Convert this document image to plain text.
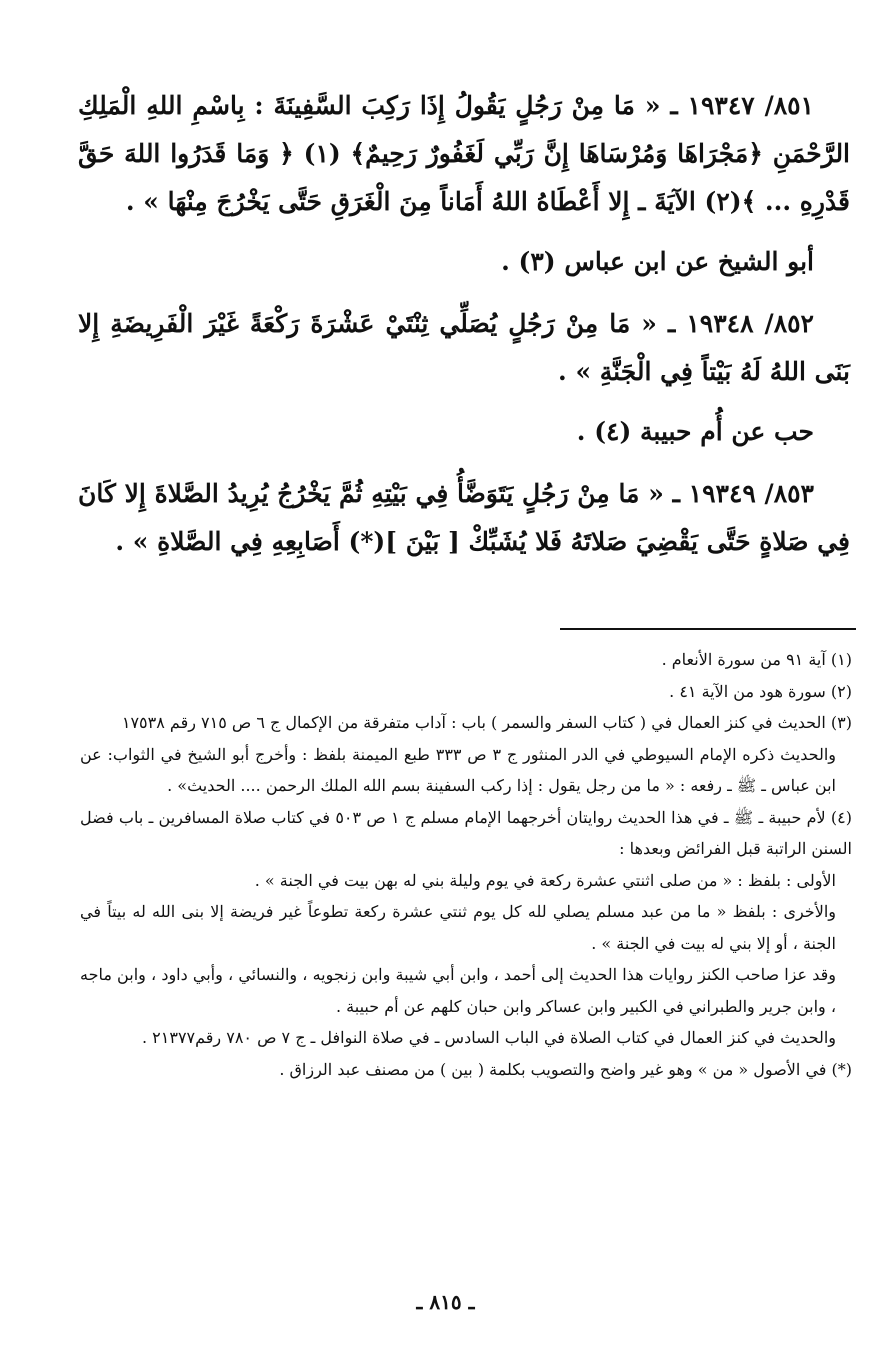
٨٥١/ ١٩٣٤٧ ـ « مَا مِنْ رَجُلٍ يَقُولُ إِذَا رَكِبَ السَّفِينَةَ : بِاسْمِ اللهِ الْمَلِكِ الرَّحْمَنِ ﴿مَجْرَاهَا وَمُرْسَاهَا إِنَّ رَبِّي لَغَفُورٌ رَحِيمٌ﴾ (١) ﴿ وَمَا قَدَرُوا اللهَ حَقَّ قَدْرِهِ ... ﴾(٢) الآيَةَ ـ إِلا أَعْطَاهُ اللهُ أَمَاناً مِنَ الْغَرَقِ حَتَّى يَخْرُجَ مِنْهَا » .

أبو الشيخ عن ابن عباس (٣) .

٨٥٢/ ١٩٣٤٨ ـ « مَا مِنْ رَجُلٍ يُصَلِّي ثِنْتَيْ عَشْرَةَ رَكْعَةً غَيْرَ الْفَرِيضَةِ إِلا بَنَى اللهُ لَهُ بَيْتاً فِي الْجَنَّةِ » .

حب عن أُم حبيبة (٤) .

٨٥٣/ ١٩٣٤٩ ـ « مَا مِنْ رَجُلٍ يَتَوَضَّأُ فِي بَيْتِهِ ثُمَّ يَخْرُجُ يُرِيدُ الصَّلاةَ إِلا كَانَ فِي صَلاةٍ حَتَّى يَقْضِيَ صَلاتَهُ فَلا يُشَبِّكْ [ بَيْنَ ](*) أَصَابِعِهِ فِي الصَّلاةِ » .

(١) آية ٩١ من سورة الأنعام .

(٢) سورة هود من الآية ٤١ .

(٣) الحديث في كنز العمال في ( كتاب السفر والسمر ) باب : آداب متفرقة من الإكمال ج ٦ ص ٧١٥ رقم ١٧٥٣٨

والحديث ذكره الإمام السيوطي في الدر المنثور ج ٣ ص ٣٣٣ طبع الميمنة بلفظ : وأخرج أبو الشيخ في الثواب: عن ابن عباس ـ ﷺ ـ رفعه : « ما من رجل يقول : إذا ركب السفينة بسم الله الملك الرحمن .... الحديث» .

(٤) لأم حبيبة ـ ﷺ ـ في هذا الحديث روايتان أخرجهما الإمام مسلم ج ١ ص ٥٠٣ في كتاب صلاة المسافرين ـ باب فضل السنن الراتبة قبل الفرائض وبعدها :

الأولى : بلفظ : « من صلى اثنتي عشرة ركعة في يوم وليلة بني له بهن بيت في الجنة » .

والأخرى : بلفظ « ما من عبد مسلم يصلي لله كل يوم ثنتي عشرة ركعة تطوعاً غير فريضة إلا بنى الله له بيتاً في الجنة ، أو إلا بني له بيت في الجنة » .

وقد عزا صاحب الكنز روايات هذا الحديث إلى أحمد ، وابن أبي شيبة وابن زنجويه ، والنسائي ، وأبي داود ، وابن ماجه ، وابن جرير والطبراني في الكبير وابن عساكر وابن حبان كلهم عن أم حبيبة .

والحديث في كنز العمال في كتاب الصلاة في الباب السادس ـ في صلاة النوافل ـ ج ٧ ص ٧٨٠ رقم٢١٣٧٧ .

(*) في الأصول « من » وهو غير واضح والتصويب بكلمة ( بين ) من مصنف عبد الرزاق .

ـ ٨١٥ ـ
